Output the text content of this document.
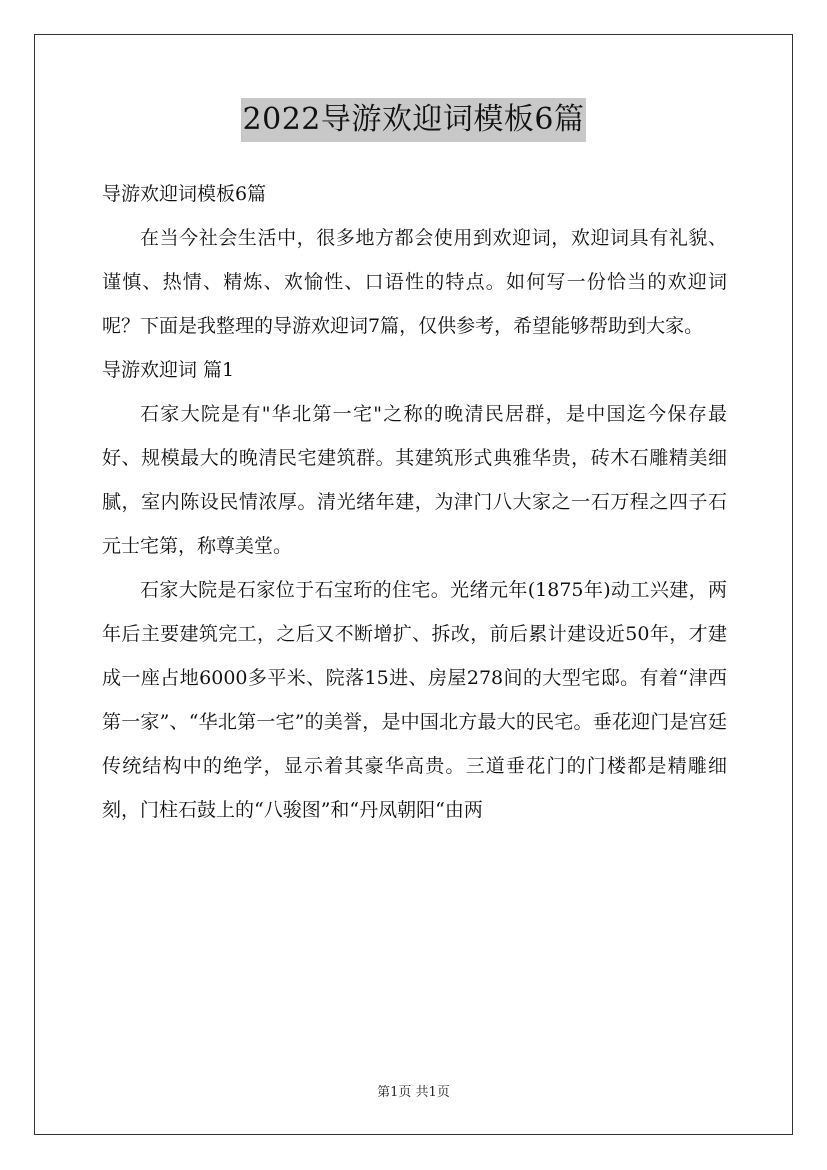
2022导游欢迎词模板6篇

导游欢迎词模板6篇

在当今社会生活中，很多地方都会使用到欢迎词，欢迎词具有礼貌、谨慎、热情、精炼、欢愉性、口语性的特点。如何写一份恰当的欢迎词呢？下面是我整理的导游欢迎词7篇，仅供参考，希望能够帮助到大家。

导游欢迎词 篇1

石家大院是有"华北第一宅"之称的晚清民居群，是中国迄今保存最好、规模最大的晚清民宅建筑群。其建筑形式典雅华贵，砖木石雕精美细腻，室内陈设民情浓厚。清光绪年建，为津门八大家之一石万程之四子石元士宅第，称尊美堂。

石家大院是石家位于石宝珩的住宅。光绪元年(1875年)动工兴建，两年后主要建筑完工，之后又不断增扩、拆改，前后累计建设近50年，才建成一座占地6000多平米、院落15进、房屋278间的大型宅邸。有着“津西第一家”、“华北第一宅”的美誉，是中国北方最大的民宅。垂花迎门是宫廷传统结构中的绝学，显示着其豪华高贵。三道垂花门的门楼都是精雕细刻，门柱石鼓上的“八骏图”和“丹凤朝阳“由两

第1页 共1页
